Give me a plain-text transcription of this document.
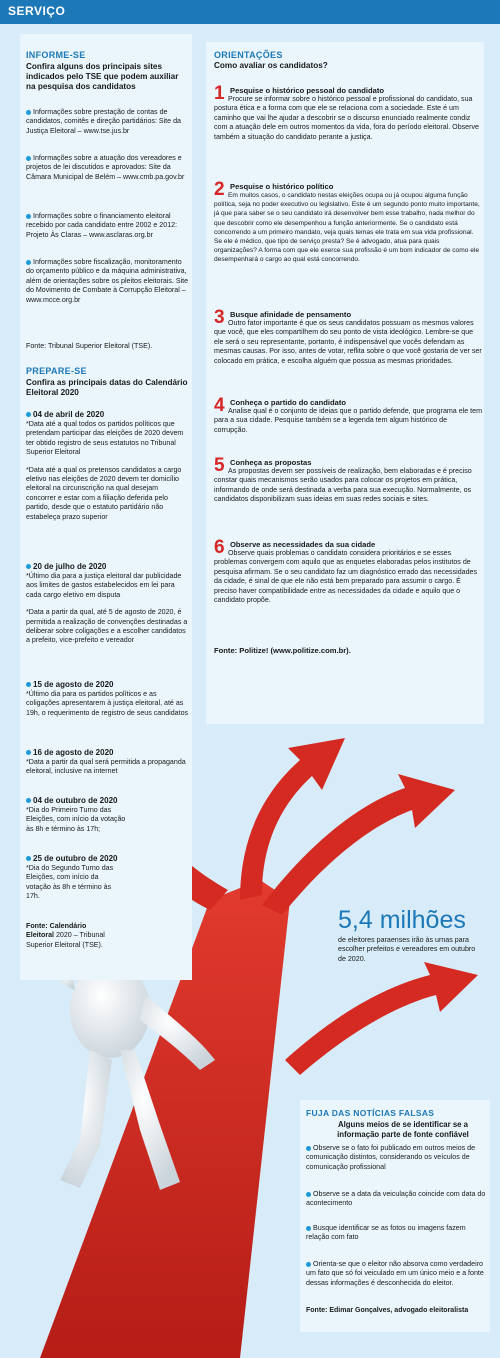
SERVIÇO
INFORME-SE
Confira alguns dos principais sites indicados pelo TSE que podem auxiliar na pesquisa dos candidatos
Informações sobre prestação de contas de candidatos, comitês e direção partidários: Site da Justiça Eleitoral – www.tse.jus.br
Informações sobre a atuação dos vereadores e projetos de lei discutidos e aprovados: Site da Câmara Municipal de Belém – www.cmb.pa.gov.br
Informações sobre o financiamento eleitoral recebido por cada candidato entre 2002 e 2012: Projeto Às Claras – www.asclaras.org.br
Informações sobre fiscalização, monitoramento do orçamento público e da máquina administrativa, além de orientações sobre os pleitos eleitorais. Site do Movimento de Combate à Corrupção Eleitoral – www.mcce.org.br
Fonte: Tribunal Superior Eleitoral (TSE).
PREPARE-SE
Confira as principais datas do Calendário Eleitoral 2020
04 de abril de 2020
*Data até a qual todos os partidos políticos que pretendam participar das eleições de 2020 devem ter obtido registro de seus estatutos no Tribunal Superior Eleitoral
*Data até a qual os pretensos candidatos a cargo eletivo nas eleições de 2020 devem ter domicílio eleitoral na circunscrição na qual desejam concorrer e estar com a filiação deferida pelo partido, desde que o estatuto partidário não estabeleça prazo superior
20 de julho de 2020
*Último dia para a justiça eleitoral dar publicidade aos limites de gastos estabelecidos em lei para cada cargo eletivo em disputa
*Data a partir da qual, até 5 de agosto de 2020, é permitida a realização de convenções destinadas a deliberar sobre coligações e a escolher candidatos a prefeito, vice-prefeito e vereador
15 de agosto de 2020
*Último dia para os partidos políticos e as coligações apresentarem à justiça eleitoral, até as 19h, o requerimento de registro de seus candidatos
16 de agosto de 2020
*Data a partir da qual será permitida a propaganda eleitoral, inclusive na internet
04 de outubro de 2020
*Dia do Primeiro Turno das Eleições, com início da votação às 8h e término às 17h;
25 de outubro de 2020
*Dia do Segundo Turno das Eleições, com início da votação às 8h e término às 17h.
Fonte: Calendário Eleitoral 2020 – Tribunal Superior Eleitoral (TSE).
ORIENTAÇÕES
Como avaliar os candidatos?
1 Pesquise o histórico pessoal do candidato
Procure se informar sobre o histórico pessoal e profissional do candidato, sua postura ética e a forma com que ele se relaciona com a sociedade. Este é um caminho que vai lhe ajudar a descobrir se o discurso enunciado realmente condiz com a atuação dele em outros momentos da vida, fora do período eleitoral. Observe também a situação do candidato perante a justiça.
2 Pesquise o histórico político
Em muitos casos, o candidato nestas eleições ocupa ou já ocupou alguma função política, seja no poder executivo ou legislativo. Este é um segundo ponto muito importante, já que para saber se o seu candidato irá desenvolver bem esse trabalho, nada melhor do que descobrir como ele desempenhou a função anteriormente. Se o candidato está concorrendo a um primeiro mandato, veja quais temas ele trata em sua vida profissional. Se ele é médico, que tipo de serviço presta? Se é advogado, atua para quais organizações? A forma com que ele exerce sua profissão é um bom indicador de como ele desempenhará o cargo ao qual está concorrendo.
3 Busque afinidade de pensamento
Outro fator importante é que os seus candidatos possuam os mesmos valores que você, que eles compartilhem do seu ponto de vista ideológico. Lembre-se que ele será o seu representante, portanto, é indispensável que vocês defendam as mesmas causas. Por isso, antes de votar, reflita sobre o que você gostaria de ver ser colocado em prática, e escolha alguém que possua as mesmas prioridades.
4 Conheça o partido do candidato
Analise qual é o conjunto de ideias que o partido defende, que programa ele tem para a sua cidade. Pesquise também se a legenda tem algum histórico de corrupção.
5 Conheça as propostas
As propostas devem ser possíveis de realização, bem elaboradas e é preciso constar quais mecanismos serão usados para colocar os projetos em prática, informando de onde será destinada a verba para sua execução. Normalmente, os candidatos disponibilizam suas ideias em suas redes sociais e sites.
6 Observe as necessidades da sua cidade
Observe quais problemas o candidato considera prioritários e se esses problemas convergem com aquilo que as enquetes elaboradas pelos institutos de pesquisa afirmam. Se o seu candidato faz um diagnóstico errado das necessidades da cidade, é sinal de que ele não está bem preparado para assumir o cargo. É preciso haver compatibilidade entre as necessidades da cidade e aquilo que o candidato propõe.
Fonte: Politize! (www.politize.com.br).
5,4 milhões
de eleitores paraenses irão às urnas para escolher prefeitos e vereadores em outubro de 2020.
FUJA DAS NOTÍCIAS FALSAS
Alguns meios de se identificar se a informação parte de fonte confiável
Observe se o fato foi publicado em outros meios de comunicação distintos, considerando os veículos de comunicação profissional
Observe se a data da veiculação coincide com data do acontecimento
Busque identificar se as fotos ou imagens fazem relação com fato
Orienta-se que o eleitor não absorva como verdadeiro um fato que só foi veiculado em um único meio e a fonte dessas informações é desconhecida do eleitor.
Fonte: Edimar Gonçalves, advogado eleitoralista
